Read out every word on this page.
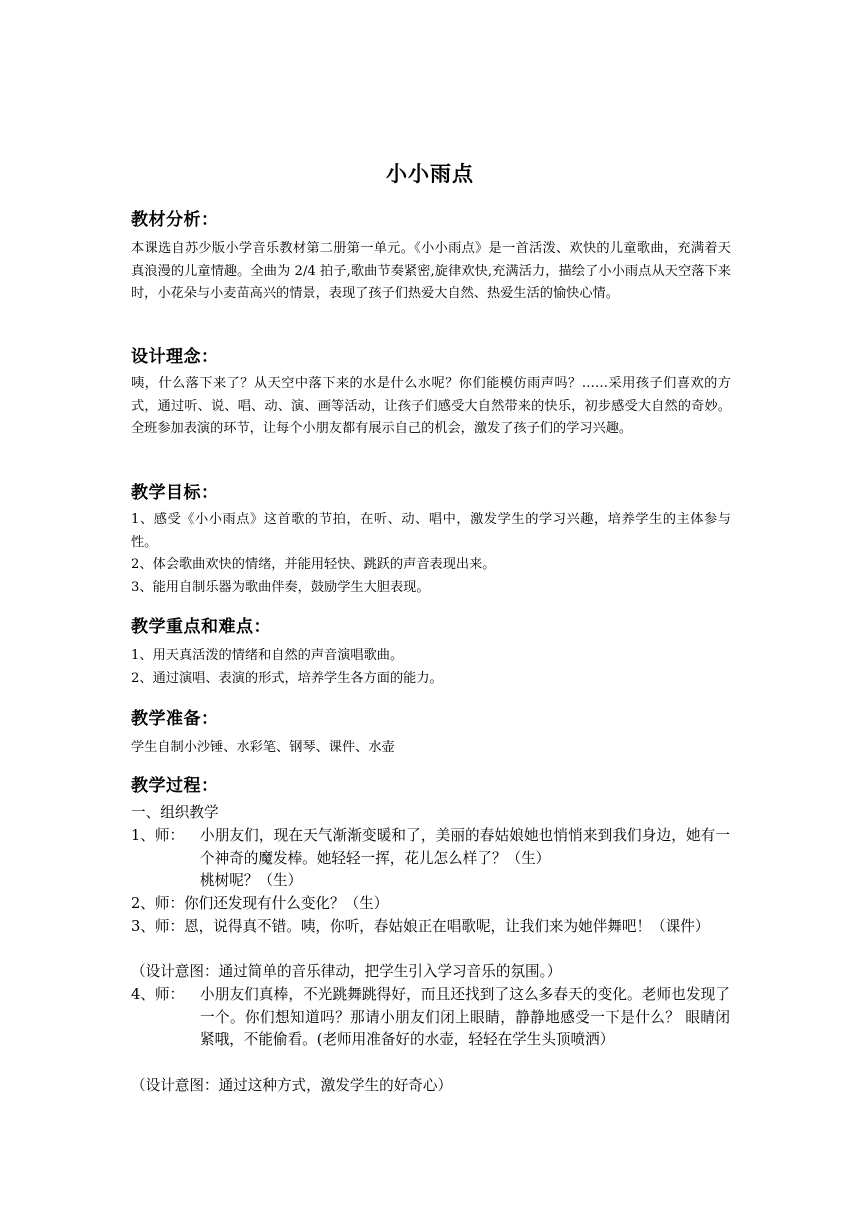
小小雨点
教材分析：

本课选自苏少版小学音乐教材第二册第一单元。《小小雨点》是一首活泼、欢快的儿童歌曲，充满着天真浪漫的儿童情趣。全曲为 2/4 拍子,歌曲节奏紧密,旋律欢快,充满活力，描绘了小小雨点从天空落下来时，小花朵与小麦苗高兴的情景，表现了孩子们热爱大自然、热爱生活的愉快心情。

设计理念：

咦，什么落下来了？从天空中落下来的水是什么水呢？你们能模仿雨声吗？……采用孩子们喜欢的方式，通过听、说、唱、动、演、画等活动，让孩子们感受大自然带来的快乐，初步感受大自然的奇妙。全班参加表演的环节，让每个小朋友都有展示自己的机会，激发了孩子们的学习兴趣。

教学目标：

1、感受《小小雨点》这首歌的节拍，在听、动、唱中，激发学生的学习兴趣，培养学生的主体参与性。

2、体会歌曲欢快的情绪，并能用轻快、跳跃的声音表现出来。
3、能用自制乐器为歌曲伴奏，鼓励学生大胆表现。
教学重点和难点：
1、用天真活泼的情绪和自然的声音演唱歌曲。
2、通过演唱、表演的形式，培养学生各方面的能力。
教学准备：
学生自制小沙锤、水彩笔、钢琴、课件、水壶
教学过程：
一、组织教学
1、师： 小朋友们，现在天气渐渐变暖和了，美丽的春姑娘她也悄悄来到我们身边，她有一个神奇的魔发棒。她轻轻一挥，花儿怎么样了？（生）

桃树呢？（生）
2、师：你们还发现有什么变化？（生）

3、师：恩，说得真不错。咦，你听，春姑娘正在唱歌呢，让我们来为她伴舞吧！（课件）

（设计意图：通过简单的音乐律动，把学生引入学习音乐的氛围。）
4、师： 小朋友们真棒，不光跳舞跳得好，而且还找到了这么多春天的变化。老师也发现了一个。你们想知道吗？那请小朋友们闭上眼睛，静静地感受一下是什么？ 眼睛闭紧哦，不能偷看。(老师用准备好的水壶，轻轻在学生头顶喷洒）

（设计意图：通过这种方式，激发学生的好奇心）
